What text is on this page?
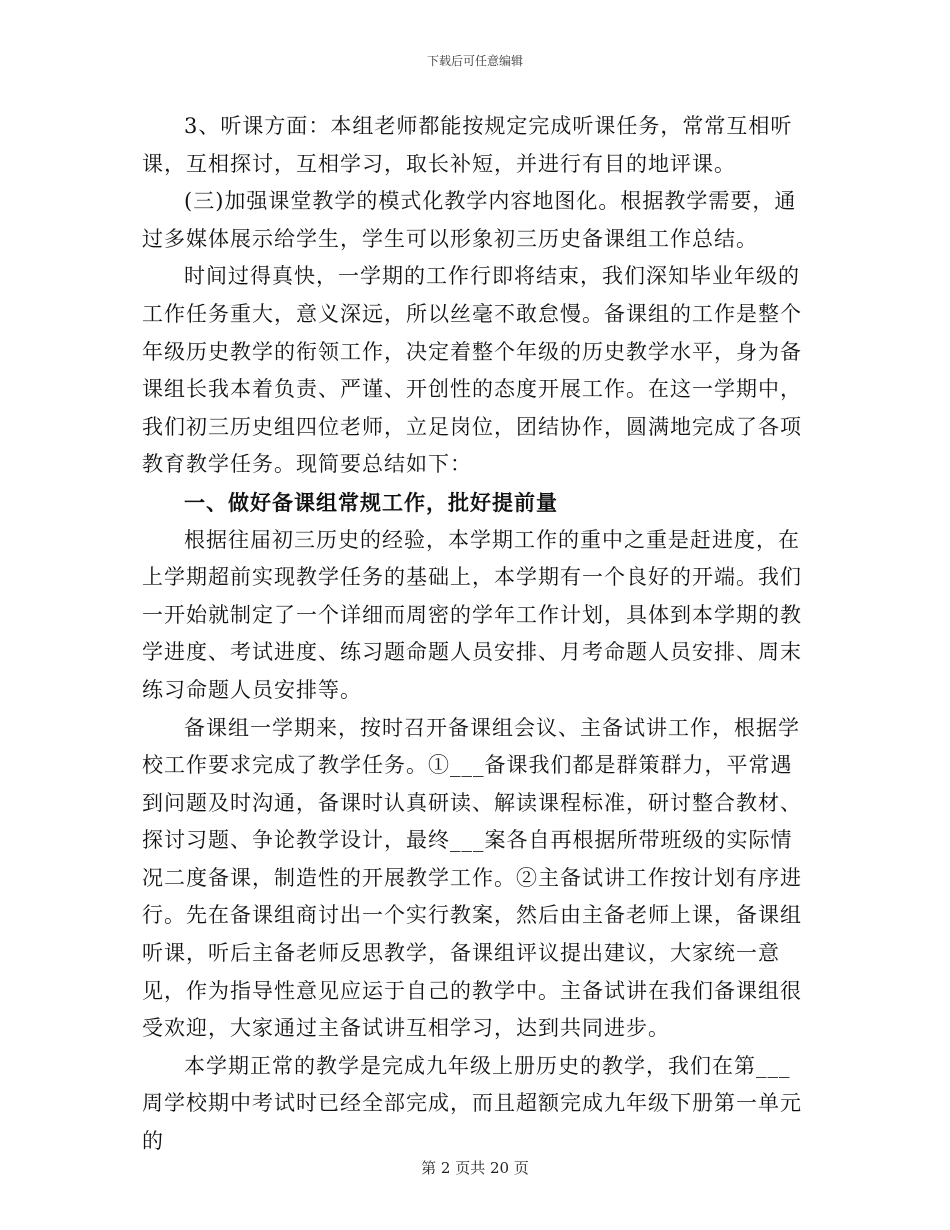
下载后可任意编辑

3、听课方面：本组老师都能按规定完成听课任务，常常互相听课，互相探讨，互相学习，取长补短，并进行有目的地评课。

(三)加强课堂教学的模式化教学内容地图化。根据教学需要，通过多媒体展示给学生，学生可以形象初三历史备课组工作总结。

时间过得真快，一学期的工作行即将结束，我们深知毕业年级的工作任务重大，意义深远，所以丝毫不敢怠慢。备课组的工作是整个年级历史教学的衔领工作，决定着整个年级的历史教学水平，身为备课组长我本着负责、严谨、开创性的态度开展工作。在这一学期中，我们初三历史组四位老师，立足岗位，团结协作，圆满地完成了各项教育教学任务。现简要总结如下：

一、做好备课组常规工作，批好提前量

根据往届初三历史的经验，本学期工作的重中之重是赶进度，在上学期超前实现教学任务的基础上，本学期有一个良好的开端。我们一开始就制定了一个详细而周密的学年工作计划，具体到本学期的教学进度、考试进度、练习题命题人员安排、月考命题人员安排、周末练习命题人员安排等。

备课组一学期来，按时召开备课组会议、主备试讲工作，根据学校工作要求完成了教学任务。①___备课我们都是群策群力，平常遇到问题及时沟通，备课时认真研读、解读课程标准，研讨整合教材、探讨习题、争论教学设计，最终___案各自再根据所带班级的实际情况二度备课，制造性的开展教学工作。②主备试讲工作按计划有序进行。先在备课组商讨出一个实行教案，然后由主备老师上课，备课组听课，听后主备老师反思教学，备课组评议提出建议，大家统一意见，作为指导性意见应运于自己的教学中。主备试讲在我们备课组很受欢迎，大家通过主备试讲互相学习，达到共同进步。

本学期正常的教学是完成九年级上册历史的教学，我们在第___周学校期中考试时已经全部完成，而且超额完成九年级下册第一单元的

第 2 页共 20 页
